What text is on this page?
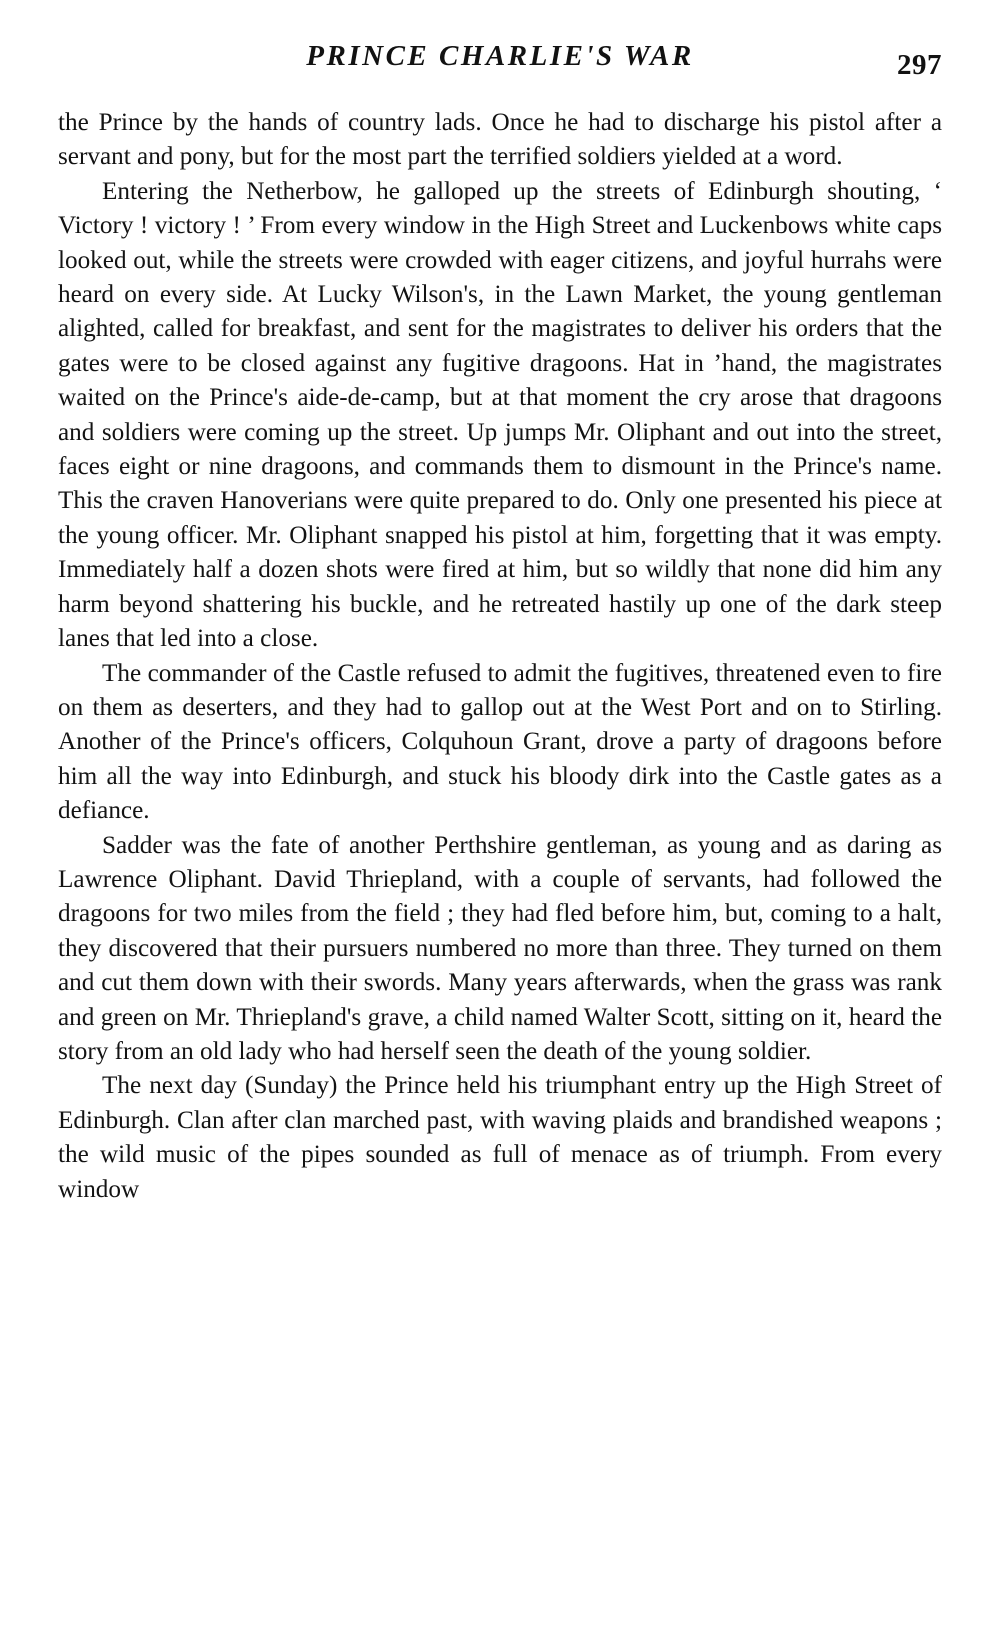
PRINCE CHARLIE'S WAR	297

the Prince by the hands of country lads. Once he had to discharge his pistol after a servant and pony, but for the most part the terrified soldiers yielded at a word.

Entering the Netherbow, he galloped up the streets of Edinburgh shouting, ‘ Victory ! victory ! ’ From every window in the High Street and Luckenbows white caps looked out, while the streets were crowded with eager citizens, and joyful hurrahs were heard on every side. At Lucky Wilson's, in the Lawn Market, the young gentleman alighted, called for breakfast, and sent for the magistrates to deliver his orders that the gates were to be closed against any fugitive dragoons. Hat in ’hand, the magistrates waited on the Prince's aide-de-camp, but at that moment the cry arose that dragoons and soldiers were coming up the street. Up jumps Mr. Oliphant and out into the street, faces eight or nine dragoons, and commands them to dismount in the Prince's name. This the craven Hanoverians were quite prepared to do. Only one presented his piece at the young officer. Mr. Oliphant snapped his pistol at him, forgetting that it was empty. Immediately half a dozen shots were fired at him, but so wildly that none did him any harm beyond shattering his buckle, and he retreated hastily up one of the dark steep lanes that led into a close.

The commander of the Castle refused to admit the fugitives, threatened even to fire on them as deserters, and they had to gallop out at the West Port and on to Stirling. Another of the Prince's officers, Colquhoun Grant, drove a party of dragoons before him all the way into Edinburgh, and stuck his bloody dirk into the Castle gates as a defiance.

Sadder was the fate of another Perthshire gentleman, as young and as daring as Lawrence Oliphant. David Thriepland, with a couple of servants, had followed the dragoons for two miles from the field ; they had fled before him, but, coming to a halt, they discovered that their pursuers numbered no more than three. They turned on them and cut them down with their swords. Many years afterwards, when the grass was rank and green on Mr. Thriepland's grave, a child named Walter Scott, sitting on it, heard the story from an old lady who had herself seen the death of the young soldier.

The next day (Sunday) the Prince held his triumphant entry up the High Street of Edinburgh. Clan after clan marched past, with waving plaids and brandished weapons ; the wild music of the pipes sounded as full of menace as of triumph. From every window
